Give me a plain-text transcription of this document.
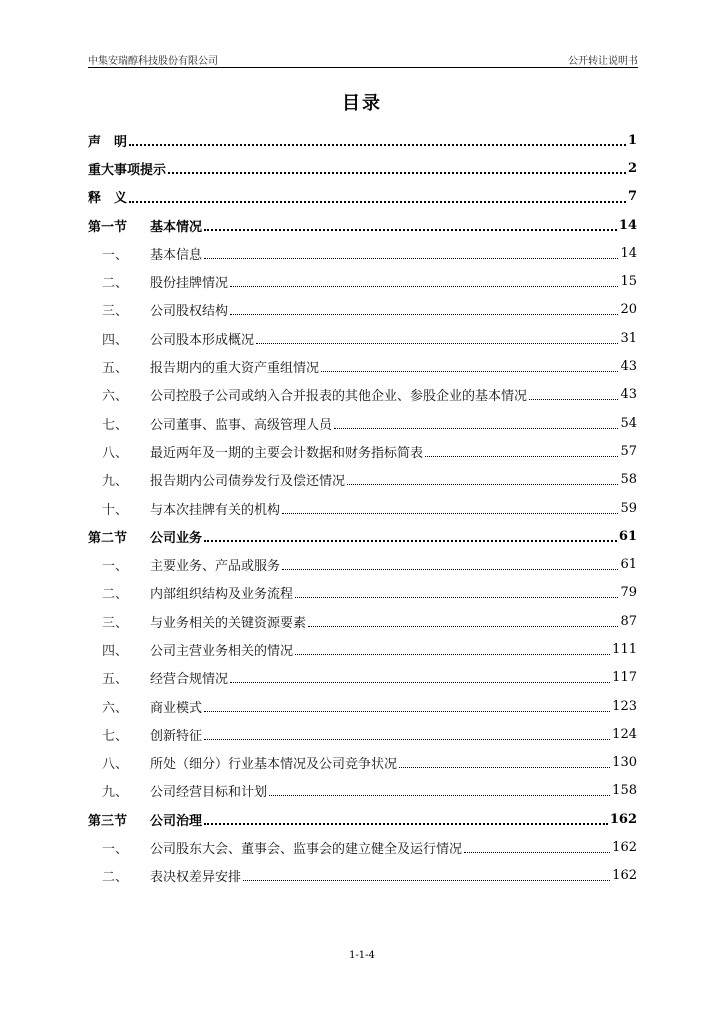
中集安瑞醇科技股份有限公司	公开转让说明书
目录
声　明	1
重大事项提示	2
释　义	7
第一节	基本情况	14
一、	基本信息	14
二、	股份挂牌情况	15
三、	公司股权结构	20
四、	公司股本形成概况	31
五、	报告期内的重大资产重组情况	43
六、	公司控股子公司或纳入合并报表的其他企业、参股企业的基本情况	43
七、	公司董事、监事、高级管理人员	54
八、	最近两年及一期的主要会计数据和财务指标简表	57
九、	报告期内公司债券发行及偿还情况	58
十、	与本次挂牌有关的机构	59
第二节	公司业务	61
一、	主要业务、产品或服务	61
二、	内部组织结构及业务流程	79
三、	与业务相关的关键资源要素	87
四、	公司主营业务相关的情况	111
五、	经营合规情况	117
六、	商业模式	123
七、	创新特征	124
八、	所处（细分）行业基本情况及公司竞争状况	130
九、	公司经营目标和计划	158
第三节	公司治理	162
一、	公司股东大会、董事会、监事会的建立健全及运行情况	162
二、	表决权差异安排	162
1-1-4
